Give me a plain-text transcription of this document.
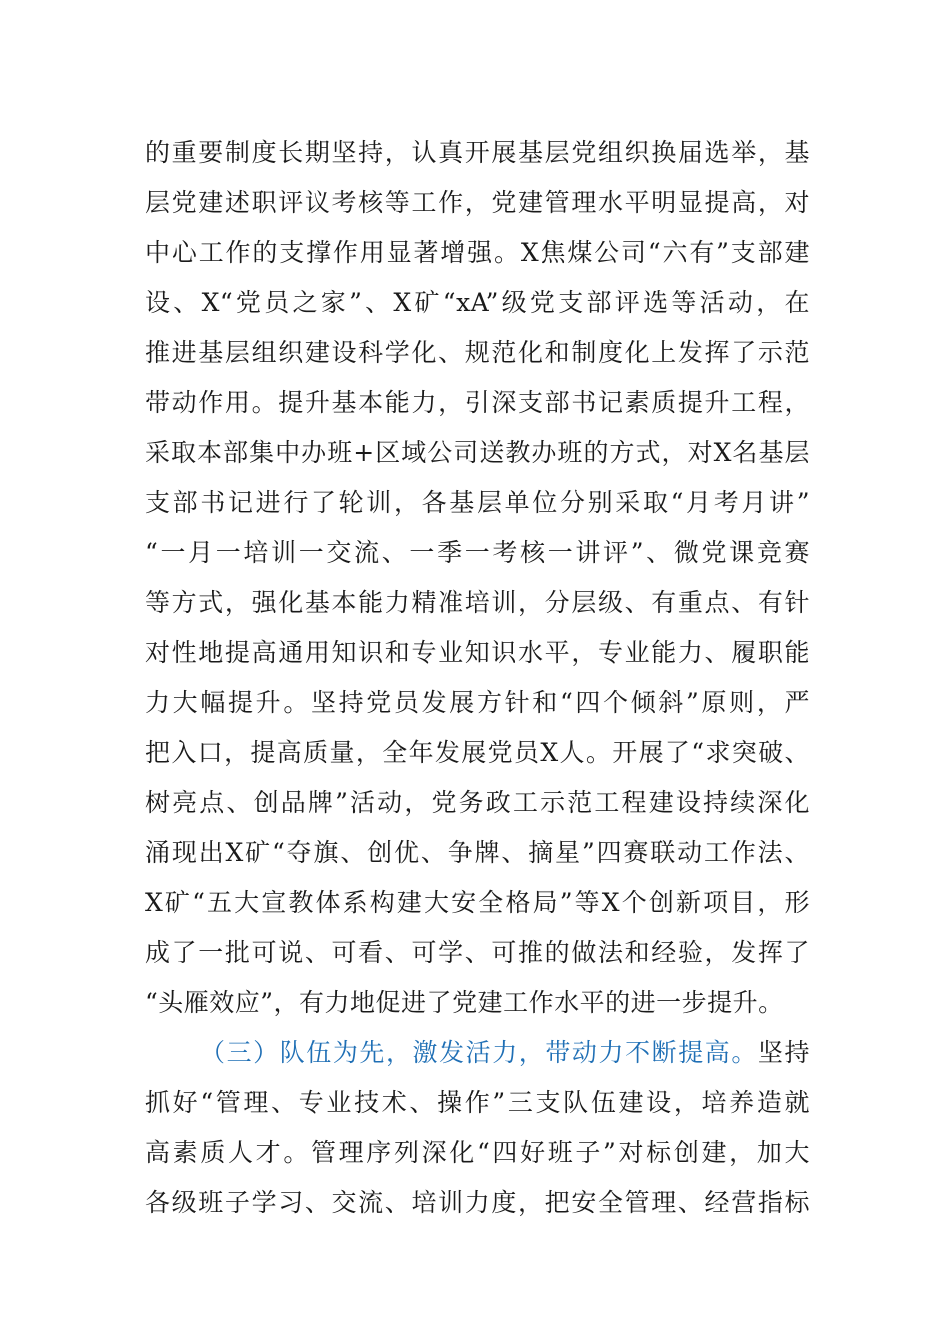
的重要制度长期坚持，认真开展基层党组织换届选举，基
层党建述职评议考核等工作，党建管理水平明显提高，对
中心工作的支撑作用显著增强。X焦煤公司“六有”支部建
设、X“党员之家”、X矿“xA”级党支部评选等活动，在
推进基层组织建设科学化、规范化和制度化上发挥了示范
带动作用。提升基本能力，引深支部书记素质提升工程，
采取本部集中办班+区域公司送教办班的方式，对X名基层
支部书记进行了轮训，各基层单位分别采取“月考月讲”
“一月一培训一交流、一季一考核一讲评”、微党课竞赛
等方式，强化基本能力精准培训，分层级、有重点、有针
对性地提高通用知识和专业知识水平，专业能力、履职能
力大幅提升。坚持党员发展方针和“四个倾斜”原则，严
把入口，提高质量，全年发展党员X人。开展了“求突破、
树亮点、创品牌”活动，党务政工示范工程建设持续深化
涌现出X矿“夺旗、创优、争牌、摘星”四赛联动工作法、
X矿“五大宣教体系构建大安全格局”等X个创新项目，形
成了一批可说、可看、可学、可推的做法和经验，发挥了
“头雁效应”，有力地促进了党建工作水平的进一步提升。
（三）队伍为先，激发活力，带动力不断提高。坚持
抓好“管理、专业技术、操作”三支队伍建设，培养造就
高素质人才。管理序列深化“四好班子”对标创建，加大
各级班子学习、交流、培训力度，把安全管理、经营指标
